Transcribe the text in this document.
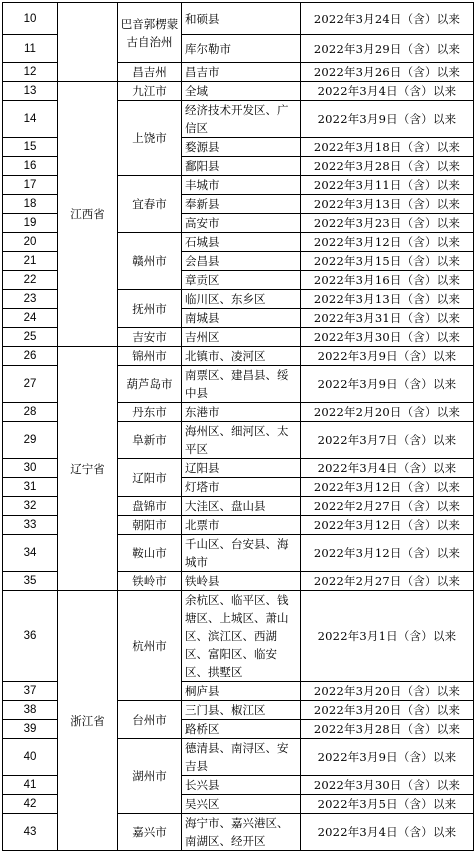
10		巴音郭楞蒙古自治州	和硕县	2022年3月24日（含）以来
11			库尔勒市	2022年3月29日（含）以来
12		昌吉州	昌吉市	2022年3月26日（含）以来
13	江西省	九江市	全域	2022年3月4日（含）以来
14		上饶市	经济技术开发区、广信区	2022年3月9日（含）以来
15			婺源县	2022年3月18日（含）以来
16			鄱阳县	2022年3月28日（含）以来
17		宜春市	丰城市	2022年3月11日（含）以来
18			奉新县	2022年3月13日（含）以来
19			高安市	2022年3月23日（含）以来
20		赣州市	石城县	2022年3月12日（含）以来
21			会昌县	2022年3月15日（含）以来
22			章贡区	2022年3月16日（含）以来
23		抚州市	临川区、东乡区	2022年3月13日（含）以来
24			南城县	2022年3月31日（含）以来
25		吉安市	吉州区	2022年3月30日（含）以来
26	辽宁省	锦州市	北镇市、凌河区	2022年3月9日（含）以来
27		葫芦岛市	南票区、建昌县、绥中县	2022年3月9日（含）以来
28		丹东市	东港市	2022年2月20日（含）以来
29		阜新市	海州区、细河区、太平区	2022年3月7日（含）以来
30		辽阳市	辽阳县	2022年3月4日（含）以来
31			灯塔市	2022年3月12日（含）以来
32		盘锦市	大洼区、盘山县	2022年2月27日（含）以来
33		朝阳市	北票市	2022年3月12日（含）以来
34		鞍山市	千山区、台安县、海城市	2022年3月12日（含）以来
35		铁岭市	铁岭县	2022年2月27日（含）以来
36	浙江省	杭州市	余杭区、临平区、钱塘区、上城区、萧山区、滨江区、西湖区、富阳区、临安区、拱墅区	2022年3月1日（含）以来
37			桐庐县	2022年3月20日（含）以来
38		台州市	三门县、椒江区	2022年3月20日（含）以来
39			路桥区	2022年3月28日（含）以来
40		湖州市	德清县、南浔区、安吉县	2022年3月9日（含）以来
41			长兴县	2022年3月30日（含）以来
42			吴兴区	2022年3月5日（含）以来
43		嘉兴市	海宁市、嘉兴港区、南湖区、经开区	2022年3月4日（含）以来
